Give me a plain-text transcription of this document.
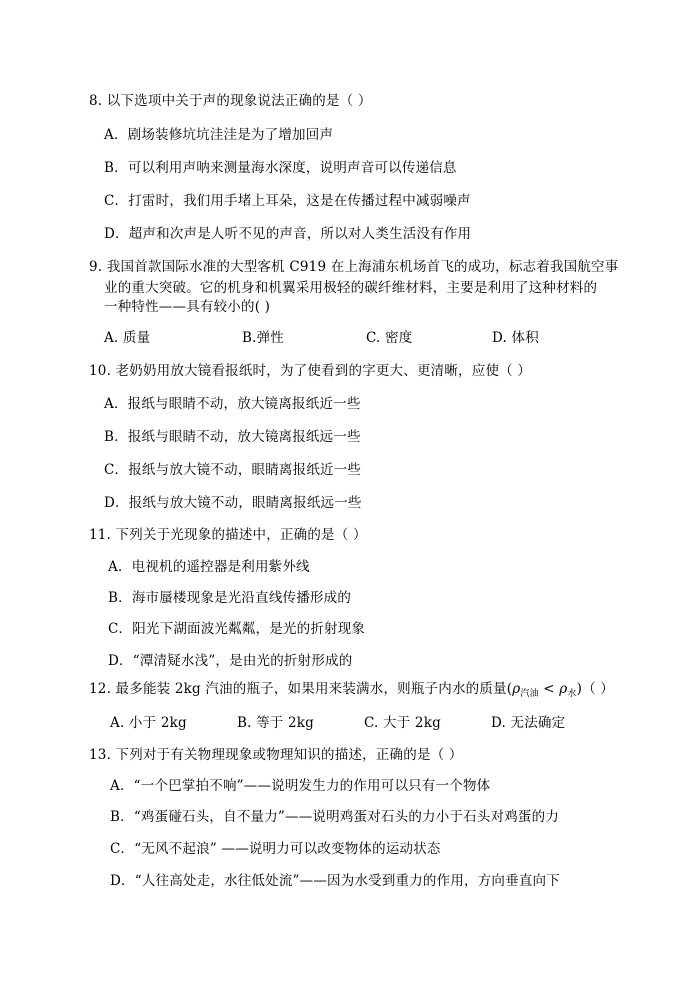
8. 以下选项中关于声的现象说法正确的是（ ）
A．剧场装修坑坑洼洼是为了增加回声
B．可以利用声呐来测量海水深度，说明声音可以传递信息
C．打雷时，我们用手堵上耳朵，这是在传播过程中减弱噪声
D．超声和次声是人听不见的声音，所以对人类生活没有作用
9. 我国首款国际水准的大型客机 C919 在上海浦东机场首飞的成功，标志着我国航空事
业的重大突破。它的机身和机翼采用极轻的碳纤维材料，主要是利用了这种材料的
一种特性——具有较小的( )
A. 质量	B.弹性	C. 密度	D. 体积
10. 老奶奶用放大镜看报纸时，为了使看到的字更大、更清晰，应使（ ）
A．报纸与眼睛不动，放大镜离报纸近一些
B．报纸与眼睛不动，放大镜离报纸远一些
C．报纸与放大镜不动，眼睛离报纸近一些
D．报纸与放大镜不动，眼睛离报纸远一些
11. 下列关于光现象的描述中，正确的是（ ）
A．电视机的遥控器是利用紫外线
B．海市蜃楼现象是光沿直线传播形成的
C．阳光下湖面波光粼粼，是光的折射现象
D．“潭清疑水浅”，是由光的折射形成的
12. 最多能装 2kg 汽油的瓶子，如果用来装满水，则瓶子内水的质量$(\rho_{汽油} < \rho_水)$（ ）
A. 小于 2kg	B. 等于 2kg	C. 大于 2kg	D. 无法确定
13. 下列对于有关物理现象或物理知识的描述，正确的是（ ）
A．“一个巴掌拍不响”——说明发生力的作用可以只有一个物体
B．“鸡蛋碰石头，自不量力”——说明鸡蛋对石头的力小于石头对鸡蛋的力
C．“无风不起浪” ——说明力可以改变物体的运动状态
D．“人往高处走，水往低处流”——因为水受到重力的作用，方向垂直向下
